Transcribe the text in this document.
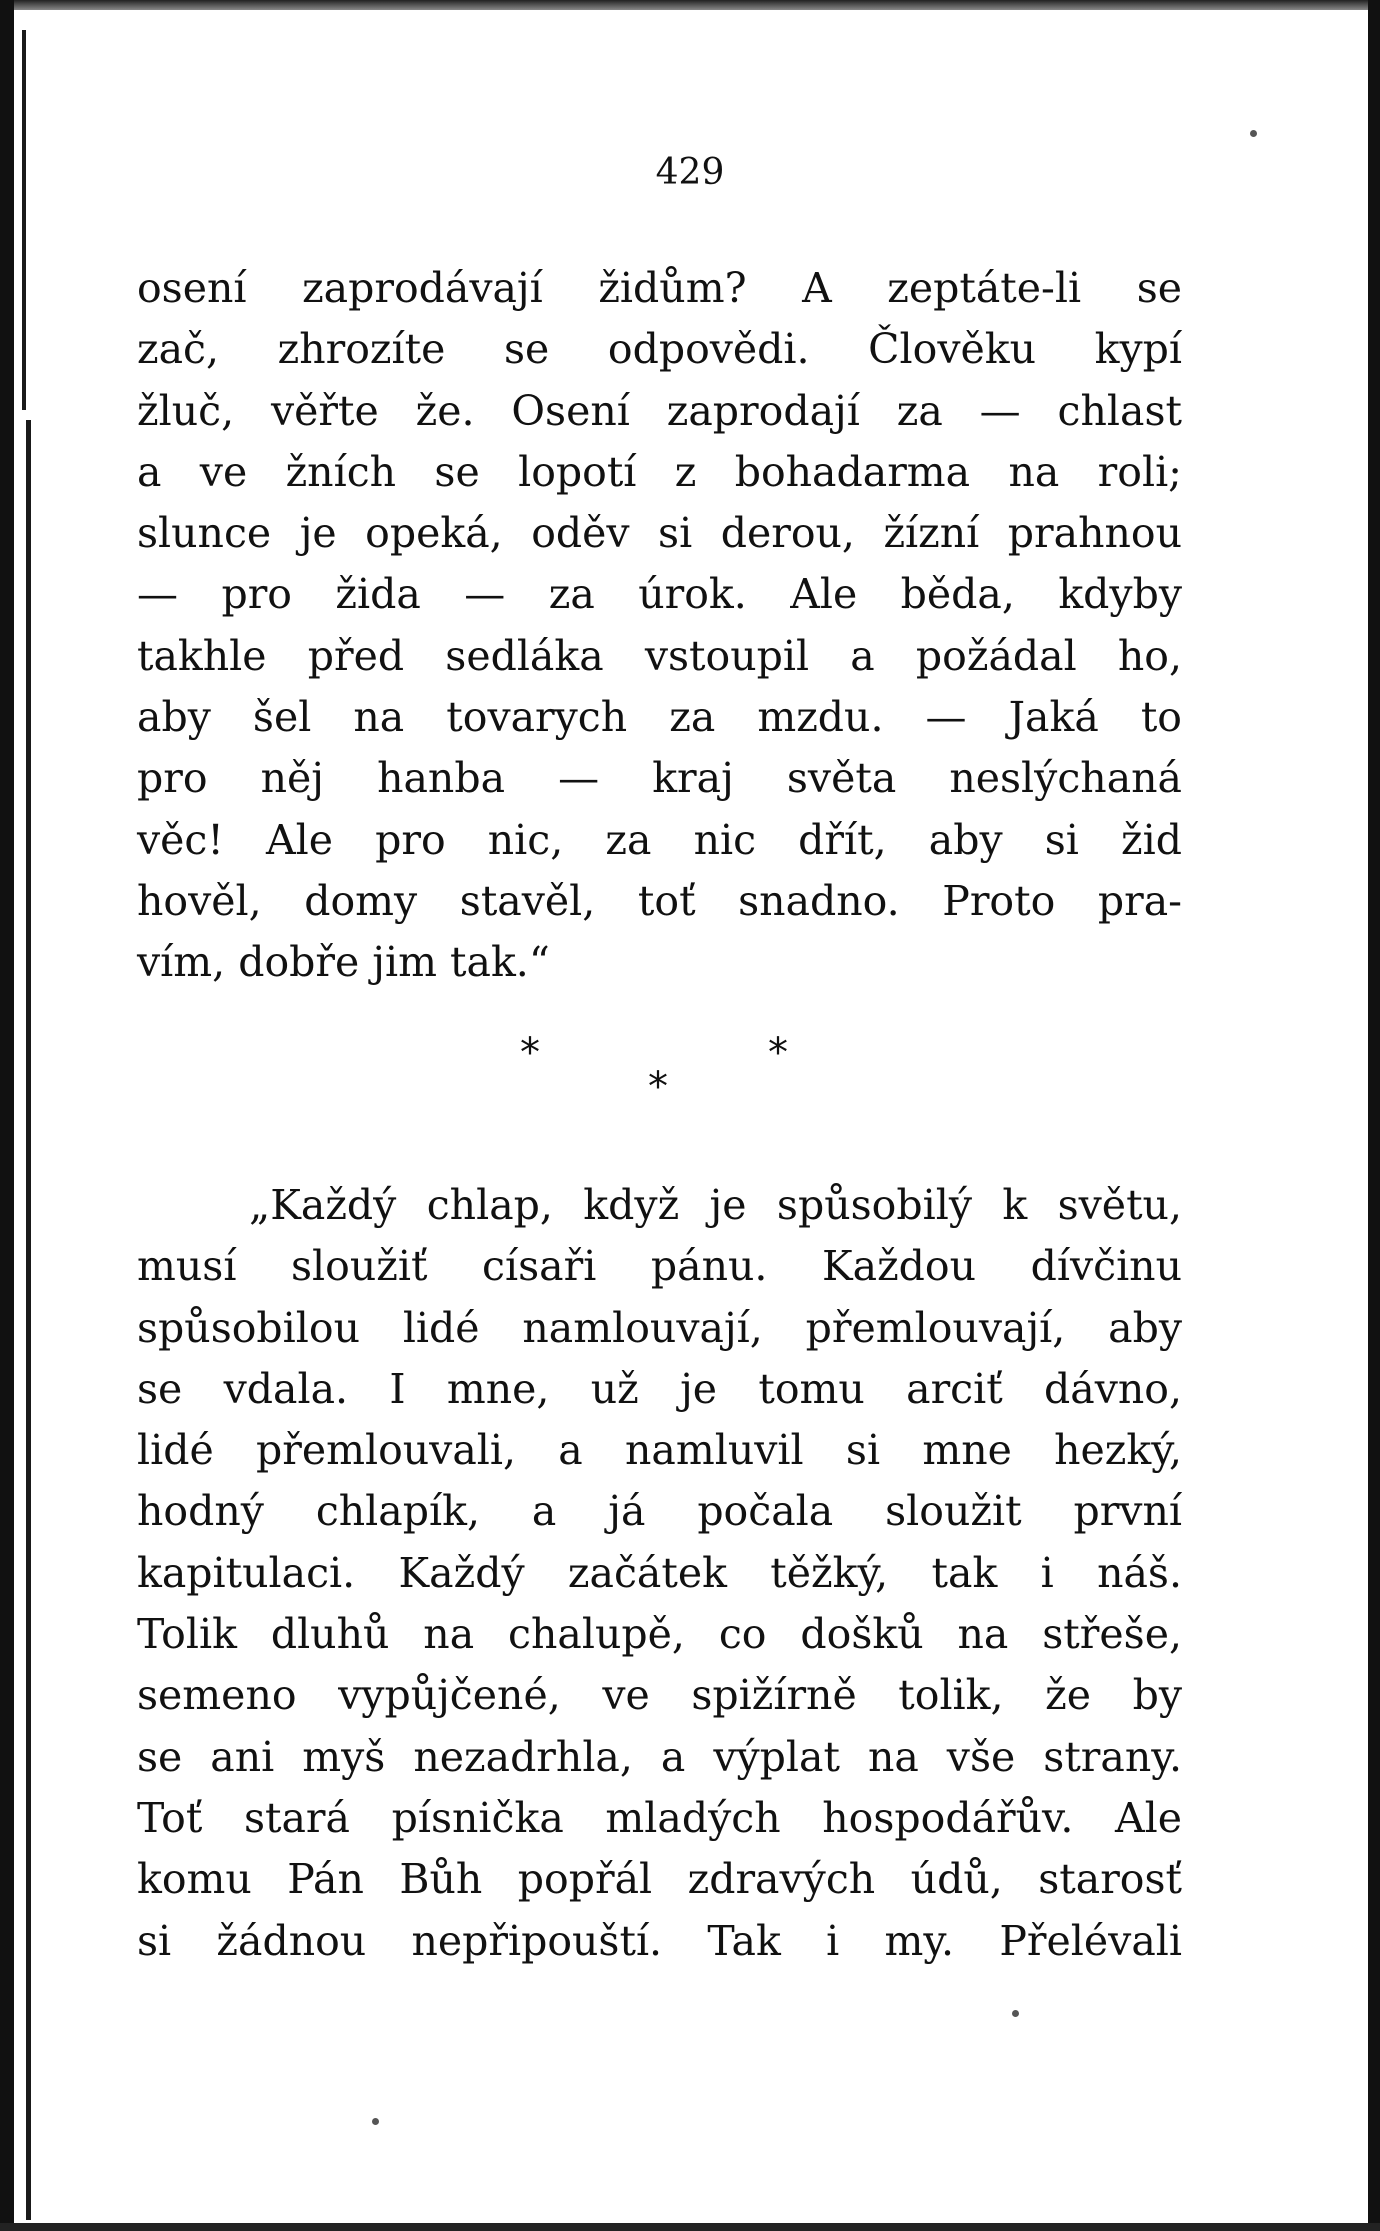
429
osení zaprodávají židům? A zeptáte-li se
zač, zhrozíte se odpovědi. Člověku kypí
žluč, věřte že. Osení zaprodají za — chlast
a ve žních se lopotí z bohadarma na roli;
slunce je opeká, oděv si derou, žízní prahnou
— pro žida — za úrok. Ale běda, kdyby
takhle před sedláka vstoupil a požádal ho,
aby šel na tovarych za mzdu. — Jaká to
pro něj hanba — kraj světa neslýchaná
věc! Ale pro nic, za nic dřít, aby si žid
hověl, domy stavěl, toť snadno. Proto pra-
vím, dobře jim tak.“
*
*
*
„Každý chlap, když je spůsobilý k světu,
musí sloužiť císaři pánu. Každou dívčinu
spůsobilou lidé namlouvají, přemlouvají, aby
se vdala. I mne, už je tomu arciť dávno,
lidé přemlouvali, a namluvil si mne hezký,
hodný chlapík, a já počala sloužit první
kapitulaci. Každý začátek těžký, tak i náš.
Tolik dluhů na chalupě, co došků na střeše,
semeno vypůjčené, ve spižírně tolik, že by
se ani myš nezadrhla, a výplat na vše strany.
Toť stará písnička mladých hospodářův. Ale
komu Pán Bůh popřál zdravých údů, starosť
si žádnou nepřipouští. Tak i my. Přelévali
